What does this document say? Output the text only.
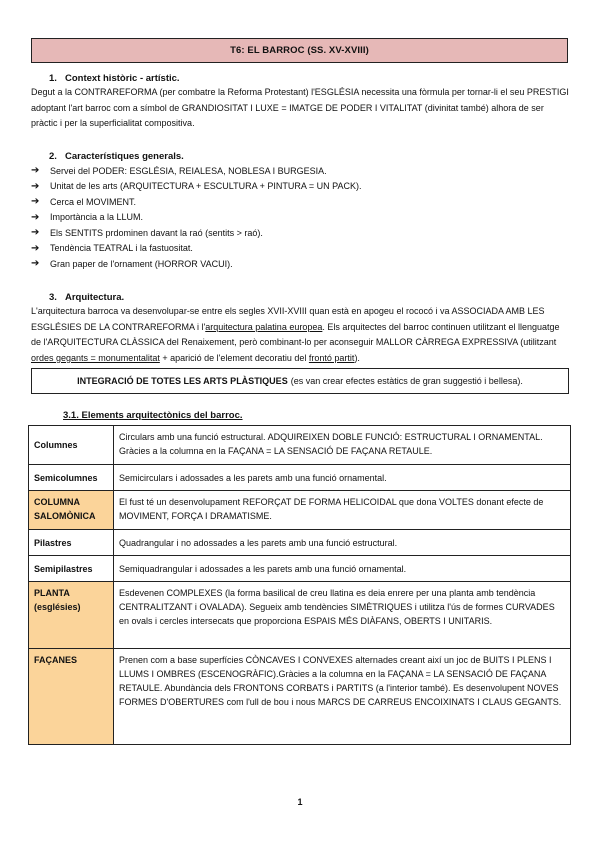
T6: EL BARROC (SS. XV-XVIII)
1. Context històric - artístic.
Degut a la CONTRAREFORMA (per combatre la Reforma Protestant) l'ESGLÉSIA necessita una fòrmula per tornar-li el seu PRESTIGI adoptant l'art barroc com a símbol de GRANDIOSITAT I LUXE = IMATGE DE PODER I VITALITAT (divinitat també) alhora de ser pràctic i per la superficialitat compositiva.
2. Característiques generals.
➔	Servei del PODER: ESGLÉSIA, REIALESA, NOBLESA I BURGESIA.
➔	Unitat de les arts (ARQUITECTURA + ESCULTURA + PINTURA = UN PACK).
➔	Cerca el MOVIMENT.
➔	Importància a la LLUM.
➔	Els SENTITS prdominen davant la raó (sentits > raó).
➔	Tendència TEATRAL i la fastuositat.
➔	Gran paper de l'ornament (HORROR VACUI).
3. Arquitectura.
L'arquitectura barroca va desenvolupar-se entre els segles XVII-XVIII quan està en apogeu el rococó i va ASSOCIADA AMB LES ESGLÉSIES DE LA CONTRAREFORMA i l'arquitectura palatina europea. Els arquitectes del barroc continuen utilitzant el llenguatge de l'ARQUITECTURA CLÀSSICA del Renaixement, però combinant-lo per aconseguir MALLOR CÀRREGA EXPRESSIVA (utilitzant ordes gegants = monumentalitat + aparició de l'element decoratiu del frontó partit).
INTEGRACIÓ DE TOTES LES ARTS PLÀSTIQUES (es van crear efectes estàtics de gran suggestió i bellesa).
3.1. Elements arquitectònics del barroc.
Columnes	Circulars amb una funció estructural. ADQUIREIXEN DOBLE FUNCIÓ: ESTRUCTURAL I ORNAMENTAL. Gràcies a la columna en la FAÇANA = LA SENSACIÓ DE FAÇANA RETAULE.
Semicolumnes	Semicirculars i adossades a les parets amb una funció ornamental.
COLUMNA SALOMÒNICA	El fust té un desenvolupament REFORÇAT DE FORMA HELICOIDAL que dona VOLTES donant efecte de MOVIMENT, FORÇA I DRAMATISME.
Pilastres	Quadrangular i no adossades a les parets amb una funció estructural.
Semipilastres	Semiquadrangular i adossades a les parets amb una funció ornamental.
PLANTA (esglésies)	Esdevenen COMPLEXES (la forma basilical de creu llatina es deia enrere per una planta amb tendència CENTRALITZANT i OVALADA). Segueix amb tendències SIMÈTRIQUES i utilitza l'ús de formes CURVADES en ovals i cercles intersecats que proporciona ESPAIS MÉS DIÀFANS, OBERTS I UNITARIS.
FAÇANES	Prenen com a base superfícies CÒNCAVES I CONVEXES alternades creant així un joc de BUITS I PLENS I LLUMS I OMBRES (ESCENOGRÀFIC).Gràcies a la columna en la FAÇANA = LA SENSACIÓ DE FAÇANA RETAULE. Abundància dels FRONTONS CORBATS i PARTITS (a l'interior també). Es desenvolupent NOVES FORMES D'OBERTURES com l'ull de bou i nous MARCS DE CARREUS ENCOIXINATS I CLAUS GEGANTS.
1
